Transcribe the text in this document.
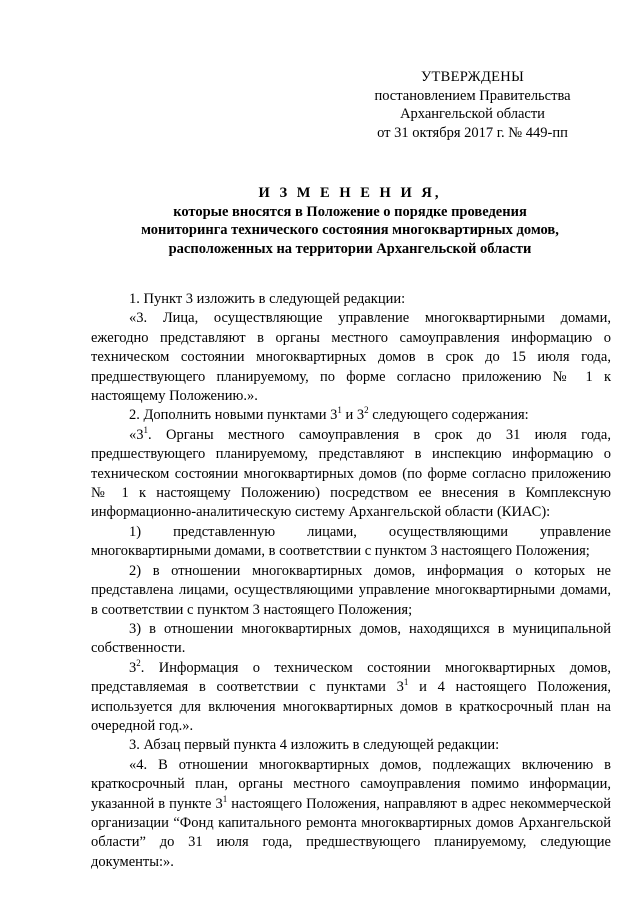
УТВЕРЖДЕНЫ
постановлением Правительства
Архангельской области
от 31 октября 2017 г. № 449-пп
И З М Е Н Е Н И Я,
которые вносятся в Положение о порядке проведения
мониторинга технического состояния многоквартирных домов,
расположенных на территории Архангельской области

1. Пункт 3 изложить в следующей редакции:

«3. Лица, осуществляющие управление многоквартирными домами, ежегодно представляют в органы местного самоуправления информацию о техническом состоянии многоквартирных домов в срок до 15 июля года, предшествующего планируемому, по форме согласно приложению № 1 к настоящему Положению.».

2. Дополнить новыми пунктами $3^1$ и $3^2$ следующего содержания:

«$3^1$. Органы местного самоуправления в срок до 31 июля года, предшествующего планируемому, представляют в инспекцию информацию о техническом состоянии многоквартирных домов (по форме согласно приложению № 1 к настоящему Положению) посредством ее внесения в Комплексную информационно-аналитическую систему Архангельской области (КИАС):

1) представленную лицами, осуществляющими управление многоквартирными домами, в соответствии с пунктом 3 настоящего Положения;

2) в отношении многоквартирных домов, информация о которых не представлена лицами, осуществляющими управление многоквартирными домами, в соответствии с пунктом 3 настоящего Положения;

3) в отношении многоквартирных домов, находящихся в муниципальной собственности.

$3^2$. Информация о техническом состоянии многоквартирных домов, представляемая в соответствии с пунктами $3^1$ и 4 настоящего Положения, используется для включения многоквартирных домов в краткосрочный план на очередной год.».

3. Абзац первый пункта 4 изложить в следующей редакции:

«4. В отношении многоквартирных домов, подлежащих включению в краткосрочный план, органы местного самоуправления помимо информации, указанной в пункте $3^1$ настоящего Положения, направляют в адрес некоммерческой организации “Фонд капитального ремонта многоквартирных домов Архангельской области” до 31 июля года, предшествующего планируемому, следующие документы:».
